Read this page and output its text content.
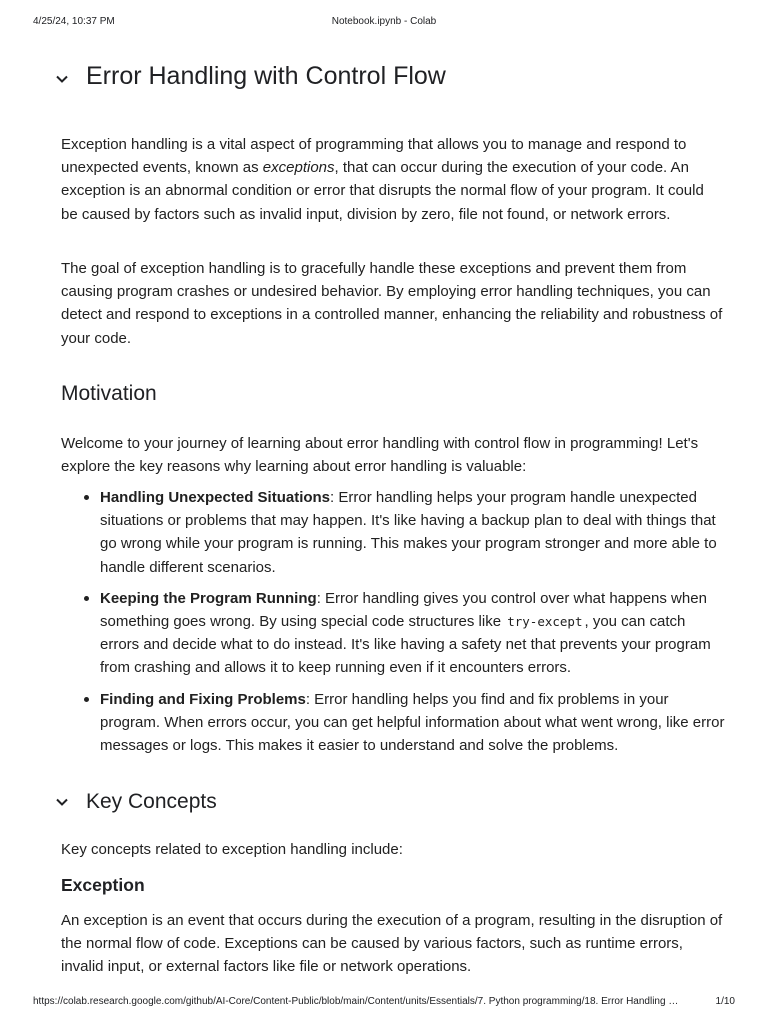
4/25/24, 10:37 PM	Notebook.ipynb - Colab
Error Handling with Control Flow

Exception handling is a vital aspect of programming that allows you to manage and respond to unexpected events, known as exceptions, that can occur during the execution of your code. An exception is an abnormal condition or error that disrupts the normal flow of your program. It could be caused by factors such as invalid input, division by zero, file not found, or network errors.

The goal of exception handling is to gracefully handle these exceptions and prevent them from causing program crashes or undesired behavior. By employing error handling techniques, you can detect and respond to exceptions in a controlled manner, enhancing the reliability and robustness of your code.

Motivation

Welcome to your journey of learning about error handling with control flow in programming! Let's explore the key reasons why learning about error handling is valuable:

Handling Unexpected Situations: Error handling helps your program handle unexpected situations or problems that may happen. It's like having a backup plan to deal with things that go wrong while your program is running. This makes your program stronger and more able to handle different scenarios.
Keeping the Program Running: Error handling gives you control over what happens when something goes wrong. By using special code structures like try-except , you can catch errors and decide what to do instead. It's like having a safety net that prevents your program from crashing and allows it to keep running even if it encounters errors.
Finding and Fixing Problems: Error handling helps you find and fix problems in your program. When errors occur, you can get helpful information about what went wrong, like error messages or logs. This makes it easier to understand and solve the problems.
Key Concepts

Key concepts related to exception handling include:

Exception

An exception is an event that occurs during the execution of a program, resulting in the disruption of the normal flow of code. Exceptions can be caused by various factors, such as runtime errors, invalid input, or external factors like file or network operations.

https://colab.research.google.com/github/AI-Core/Content-Public/blob/main/Content/units/Essentials/7. Python programming/18. Error Handling …	1/10
